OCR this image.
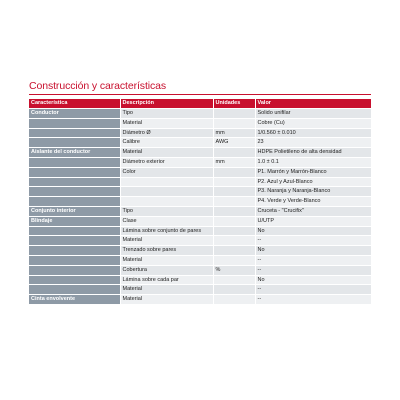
Construcción y características
Característica	Descripción	Unidades	Valor
Conductor	Tipo		Solido unifilar
	Material		Cobre (Cu)
	Diámetro Ø	mm	1/0.560 ± 0.010
	Calibre	AWG	23
Aislante del conductor	Material		HDPE Polietileno de alta densidad
	Diámetro exterior	mm	1.0 ± 0.1
	Color		P1. Marrón y Marrón-Blanco
			P2. Azul y Azul-Blanco
			P3. Naranja y Naranja-Blanco
			P4. Verde y Verde-Blanco
Conjunto interior	Tipo		Cruceta - "Crucifix"
Blindaje	Clase		U/UTP
	Lámina sobre conjunto de pares		No
	Material		--
	Trenzado sobre pares		No
	Material		--
	Cobertura	%	--
	Lámina sobre cada par		No
	Material		--
Cinta envolvente	Material		--
